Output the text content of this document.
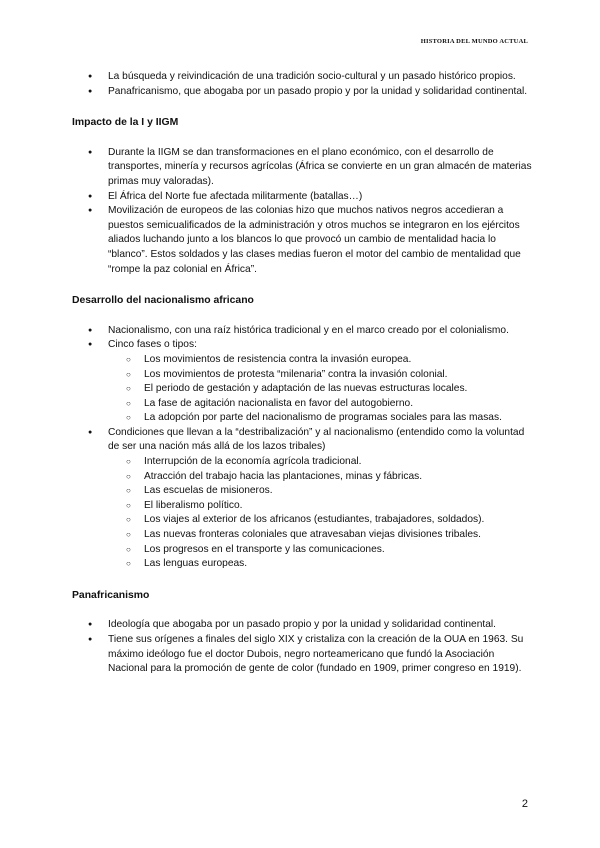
HISTORIA DEL MUNDO ACTUAL
● La búsqueda y reivindicación de una tradición socio-cultural y un pasado histórico propios.
● Panafricanismo, que abogaba por un pasado propio y por la unidad y solidaridad continental.
Impacto de la I y IIGM
● Durante la IIGM se dan transformaciones en el plano económico, con el desarrollo de transportes, minería y recursos agrícolas (África se convierte en un gran almacén de materias primas muy valoradas).
● El África del Norte fue afectada militarmente (batallas…)
● Movilización de europeos de las colonias hizo que muchos nativos negros accedieran a puestos semicualificados de la administración y otros muchos se integraron en los ejércitos aliados luchando junto a los blancos lo que provocó un cambio de mentalidad hacia lo “blanco”. Estos soldados y las clases medias fueron el motor del cambio de mentalidad que “rompe la paz colonial en África”.
Desarrollo del nacionalismo africano
● Nacionalismo, con una raíz histórica tradicional y en el marco creado por el colonialismo.
● Cinco fases o tipos:
○ Los movimientos de resistencia contra la invasión europea.
○ Los movimientos de protesta “milenaria” contra la invasión colonial.
○ El periodo de gestación y adaptación de las nuevas estructuras locales.
○ La fase de agitación nacionalista en favor del autogobierno.
○ La adopción por parte del nacionalismo de programas sociales para las masas.
● Condiciones que llevan a la “destribalización” y al nacionalismo (entendido como la voluntad de ser una nación más allá de los lazos tribales)
○ Interrupción de la economía agrícola tradicional.
○ Atracción del trabajo hacia las plantaciones, minas y fábricas.
○ Las escuelas de misioneros.
○ El liberalismo político.
○ Los viajes al exterior de los africanos (estudiantes, trabajadores, soldados).
○ Las nuevas fronteras coloniales que atravesaban viejas divisiones tribales.
○ Los progresos en el transporte y las comunicaciones.
○ Las lenguas europeas.
Panafricanismo
● Ideología que abogaba por un pasado propio y por la unidad y solidaridad continental.
● Tiene sus orígenes a finales del siglo XIX y cristaliza con la creación de la OUA en 1963. Su máximo ideólogo fue el doctor Dubois, negro norteamericano que fundó la Asociación Nacional para la promoción de gente de color (fundado en 1909, primer congreso en 1919).
2
